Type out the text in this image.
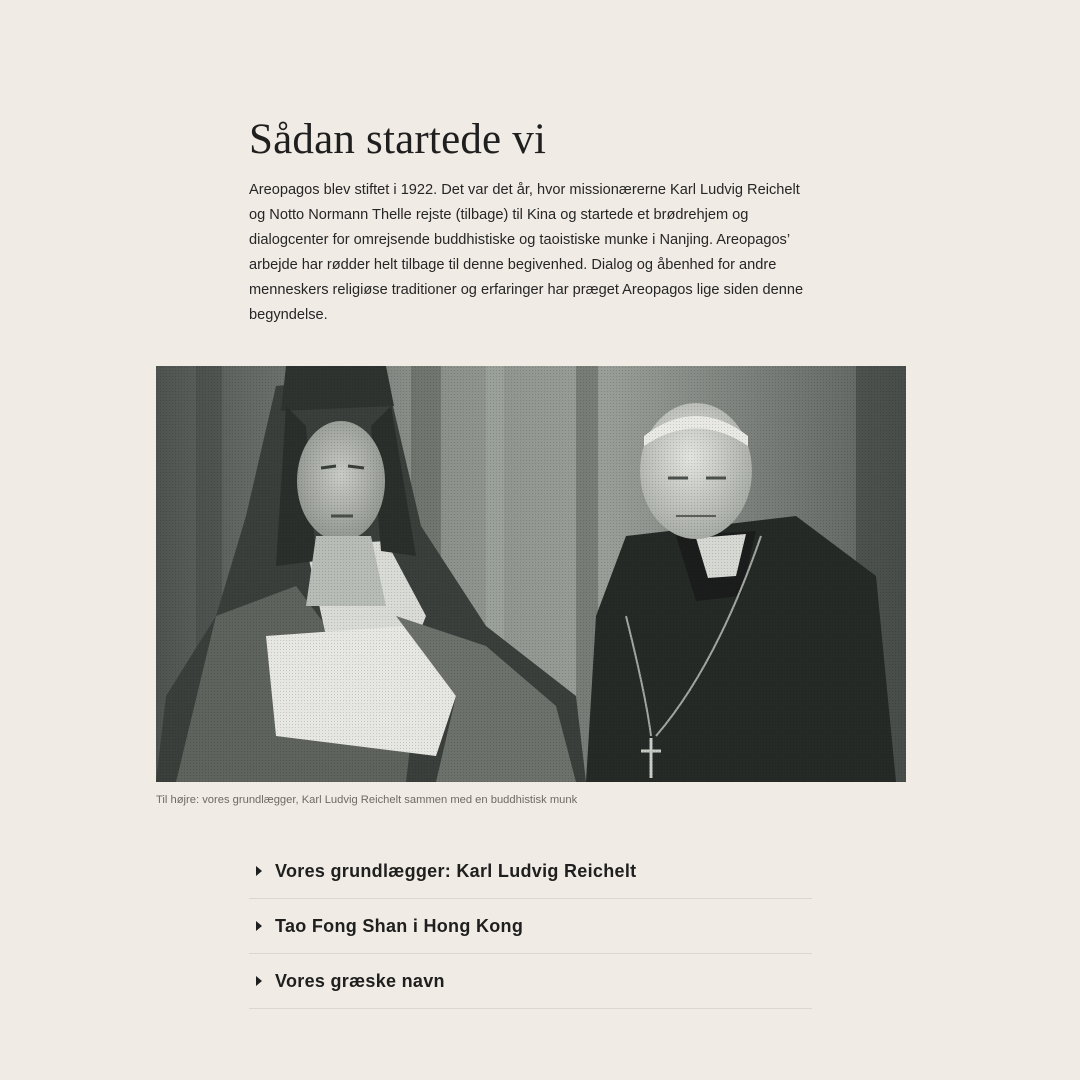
Sådan startede vi

Areopagos blev stiftet i 1922. Det var det år, hvor missionærerne Karl Ludvig Reichelt og Notto Normann Thelle rejste (tilbage) til Kina og startede et brødrehjem og dialogcenter for omrejsende buddhistiske og taoistiske munke i Nanjing. Areopagos’ arbejde har rødder helt tilbage til denne begivenhed. Dialog og åbenhed for andre menneskers religiøse traditioner og erfaringer har præget Areopagos lige siden denne begyndelse.

Til højre: vores grundlægger, Karl Ludvig Reichelt sammen med en buddhistisk munk

Vores grundlægger: Karl Ludvig Reichelt
Tao Fong Shan i Hong Kong
Vores græske navn
